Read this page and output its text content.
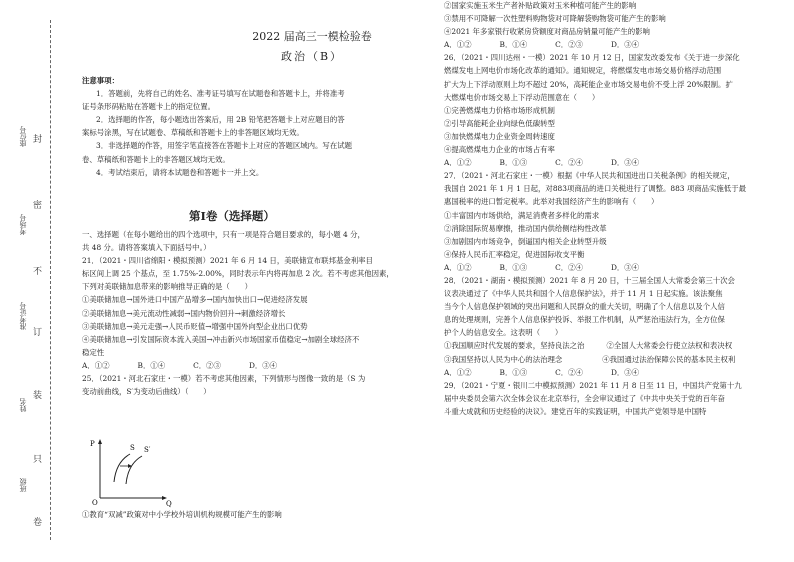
封
密
不
订
装
只
卷
座位号
考场号
准考证号
姓名
班级
2022 届高三一模检验卷
政治（B）

注意事项：

1．答题前，先将自己的姓名、准考证号填写在试题卷和答题卡上，并将准考

证号条形码粘贴在答题卡上的指定位置。

2．选择题的作答，每小题选出答案后，用 2B 铅笔把答题卡上对应题目的答

案标号涂黑，写在试题卷、草稿纸和答题卡上的非答题区域均无效。

3．非选择题的作答，用签字笔直接答在答题卡上对应的答题区域内。写在试题

卷、草稿纸和答题卡上的非答题区域均无效。

4．考试结束后，请将本试题卷和答题卡一并上交。

第Ⅰ卷（选择题）

一、选择题（在每小题给出的四个选项中，只有一项是符合题目要求的，每小题 4 分，

共 48 分。请将答案填入下面括号中。）

21．（2021・四川省绵阳・模拟预测）2021 年 6 月 14 日，美联储宣布联邦基金利率目

标区间上调 25 个基点，至 1.75%-2.00%，同时表示年内将再加息 2 次。若不考虑其他因素，

下列对美联储加息带来的影响推导正确的是（　　）

①美联储加息→国外进口中国产品增多→国内加快出口→促进经济发展

②美联储加息→美元流动性减弱→国内物价回升→刺激经济增长

③美联储加息→美元走强→人民币贬值→增强中国外向型企业出口优势

④美联储加息→引发国际资本流入美国→冲击新兴市场国家币值稳定→加剧全球经济不

稳定性

A．①②	B．①④	C．②③	D．③④

25．（2021・河北石家庄・一模）若不考虑其他因素，下列情形与图像一致的是（S 为

变动前曲线，S′为变动后曲线）（　　）

P
Q
O
S S′

①教育“双减”政策对中小学校外培训机构规模可能产生的影响

②国家实施玉米生产者补贴政策对玉米种植可能产生的影响

③禁用不可降解一次性塑料购物袋对可降解袋购物袋可能产生的影响

④2021 年多家银行收紧房贷额度对商品房销量可能产生的影响

A．①②	B．①④	C．②③	D．③④

26．（2021・四川达州・一模）2021 年 10 月 12 日，国家发改委发布《关于进一步深化

燃煤发电上网电价市场化改革的通知》。通知规定，将燃煤发电市场交易价格浮动范围

扩大为上下浮动原则上均不超过 20%，高耗能企业市场交易电价不受上浮 20%限制。扩

大燃煤电价市场交易上下浮动范围意在（　　）

①完善燃煤电力价格市场形成机制

②引导高能耗企业向绿色低碳转型

③加快燃煤电力企业资金周转速度

④提高燃煤电力企业的市场占有率

A．①②	B．①③	C．②④	D．③④

27．（2021・河北石家庄・一模）根据《中华人民共和国进出口关税条例》的相关规定，

我国自 2021 年 1 月 1 日起，对883项商品的进口关税进行了调整。883 项商品实施低于最

惠国税率的进口暂定税率。此举对我国经济产生的影响有（　　）

①丰富国内市场供给，满足消费者多样化的需求

②消除国际贸易摩擦，推动国内供给侧结构性改革

③加剧国内市场竞争，倒逼国内相关企业转型升级

④保持人民币汇率稳定，促进国际收支平衡

A．①②	B．①③	C．②④	D．③④

28．（2021・湖南・模拟预测）2021 年 8 月 20 日，十三届全国人大常委会第三十次会

议表决通过了《中华人民共和国个人信息保护法》，并于 11 月 1 日起实施。该法聚焦

当今个人信息保护领域的突出问题和人民群众的重大关切，明确了个人信息以及个人信

息的处理规则，完善个人信息保护投诉、举报工作机制，从严惩治违法行为，全方位保

护个人的信息安全。这表明（　　）

①我国顺应时代发展的要求，坚持良法之治	②全国人大常委会行使立法权和表决权
③我国坚持以人民为中心的法治理念	④我国通过法治保障公民的基本民主权利
A．①②	B．①③	C．②④	D．③④

29．（2021・宁夏・银川二中模拟预测）2021 年 11 月 8 日至 11 日，中国共产党第十九

届中央委员会第六次全体会议在北京举行，全会审议通过了《中共中央关于党的百年奋

斗重大成就和历史经验的决议》。建党百年的实践证明，中国共产党领导是中国特
